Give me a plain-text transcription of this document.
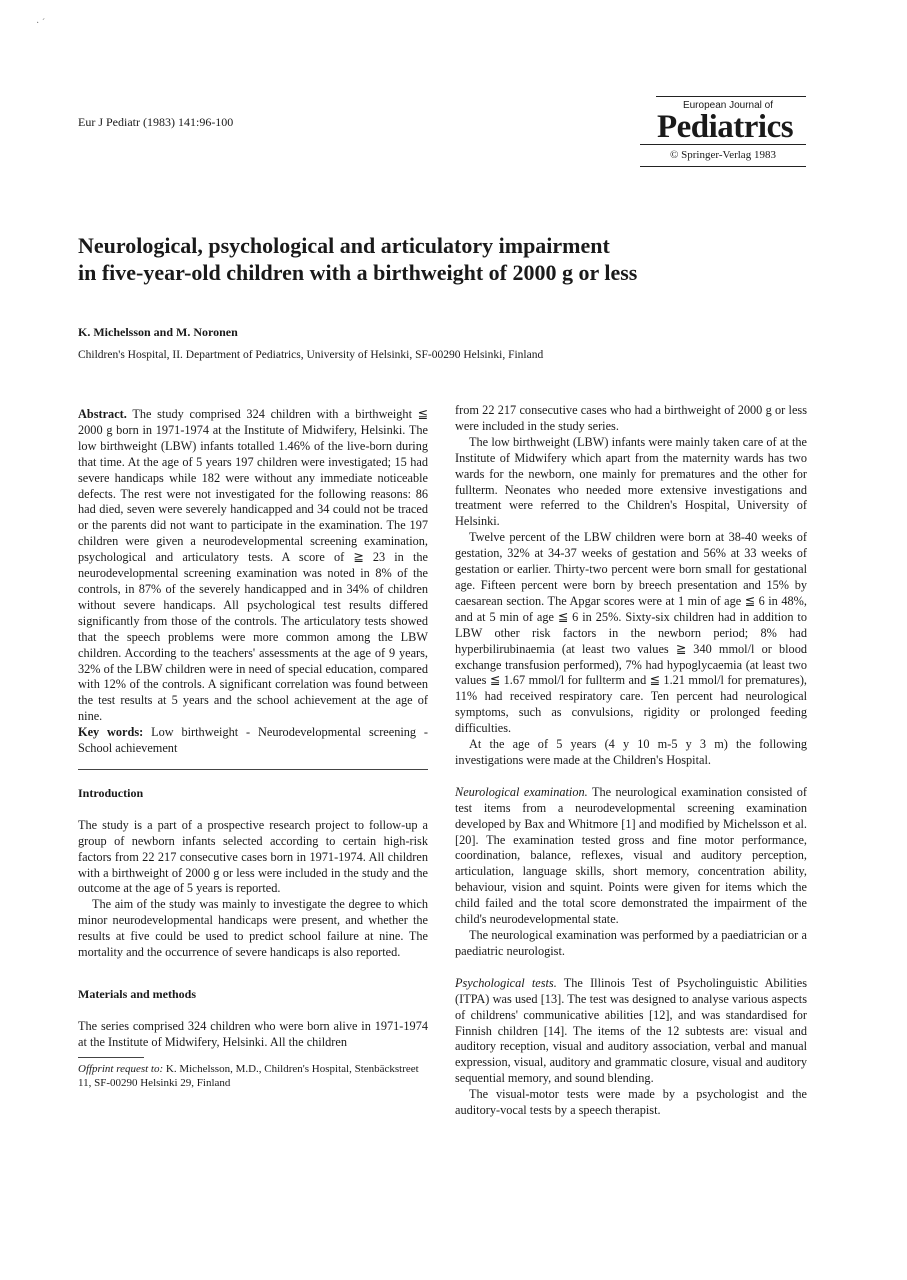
· ˊ
Eur J Pediatr (1983) 141:96-100
European Journal of
Pediatrics
© Springer-Verlag 1983
Neurological, psychological and articulatory impairment
in five-year-old children with a birthweight of 2000 g or less
K. Michelsson and M. Noronen
Children's Hospital, II. Department of Pediatrics, University of Helsinki, SF-00290 Helsinki, Finland

Abstract. The study comprised 324 children with a birthweight ≦ 2000 g born in 1971-1974 at the Institute of Midwifery, Helsinki. The low birthweight (LBW) infants totalled 1.46% of the live-born during that time. At the age of 5 years 197 children were investigated; 15 had severe handicaps while 182 were without any immediate noticeable defects. The rest were not investigated for the following reasons: 86 had died, seven were severely handicapped and 34 could not be traced or the parents did not want to participate in the examination. The 197 children were given a neurodevelopmental screening examination, psychological and articulatory tests. A score of ≧ 23 in the neurodevelopmental screening examination was noted in 8% of the controls, in 87% of the severely handicapped and in 34% of children without severe handicaps. All psychological test results differed significantly from those of the controls. The articulatory tests showed that the speech problems were more common among the LBW children. According to the teachers' assessments at the age of 9 years, 32% of the LBW children were in need of special education, compared with 12% of the controls. A significant correlation was found between the test results at 5 years and the school achievement at the age of nine.

Key words: Low birthweight - Neurodevelopmental screening - School achievement

Introduction

The study is a part of a prospective research project to follow-up a group of newborn infants selected according to certain high-risk factors from 22 217 consecutive cases born in 1971-1974. All children with a birthweight of 2000 g or less were included in the study and the outcome at the age of 5 years is reported.

The aim of the study was mainly to investigate the degree to which minor neurodevelopmental handicaps were present, and whether the results at five could be used to predict school failure at nine. The mortality and the occurrence of severe handicaps is also reported.

Materials and methods

The series comprised 324 children who were born alive in 1971-1974 at the Institute of Midwifery, Helsinki. All the children

Offprint request to: K. Michelsson, M.D., Children's Hospital, Stenbäckstreet 11, SF-00290 Helsinki 29, Finland

from 22 217 consecutive cases who had a birthweight of 2000 g or less were included in the study series.

The low birthweight (LBW) infants were mainly taken care of at the Institute of Midwifery which apart from the maternity wards has two wards for the newborn, one mainly for prematures and the other for fullterm. Neonates who needed more extensive investigations and treatment were referred to the Children's Hospital, University of Helsinki.

Twelve percent of the LBW children were born at 38-40 weeks of gestation, 32% at 34-37 weeks of gestation and 56% at 33 weeks of gestation or earlier. Thirty-two percent were born small for gestational age. Fifteen percent were born by breech presentation and 15% by caesarean section. The Apgar scores were at 1 min of age ≦ 6 in 48%, and at 5 min of age ≦ 6 in 25%. Sixty-six children had in addition to LBW other risk factors in the newborn period; 8% had hyperbilirubinaemia (at least two values ≧ 340 mmol/l or blood exchange transfusion performed), 7% had hypoglycaemia (at least two values ≦ 1.67 mmol/l for fullterm and ≦ 1.21 mmol/l for prematures), 11% had received respiratory care. Ten percent had neurological symptoms, such as convulsions, rigidity or prolonged feeding difficulties.

At the age of 5 years (4 y 10 m-5 y 3 m) the following investigations were made at the Children's Hospital.

Neurological examination. The neurological examination consisted of test items from a neurodevelopmental screening examination developed by Bax and Whitmore [1] and modified by Michelsson et al. [20]. The examination tested gross and fine motor performance, coordination, balance, reflexes, visual and auditory perception, articulation, language skills, short memory, concentration ability, behaviour, vision and squint. Points were given for items which the child failed and the total score demonstrated the impairment of the child's neurodevelopmental state.

The neurological examination was performed by a paediatrician or a paediatric neurologist.

Psychological tests. The Illinois Test of Psycholinguistic Abilities (ITPA) was used [13]. The test was designed to analyse various aspects of childrens' communicative abilities [12], and was standardised for Finnish children [14]. The items of the 12 subtests are: visual and auditory reception, visual and auditory association, verbal and manual expression, visual, auditory and grammatic closure, visual and auditory sequential memory, and sound blending.

The visual-motor tests were made by a psychologist and the auditory-vocal tests by a speech therapist.
